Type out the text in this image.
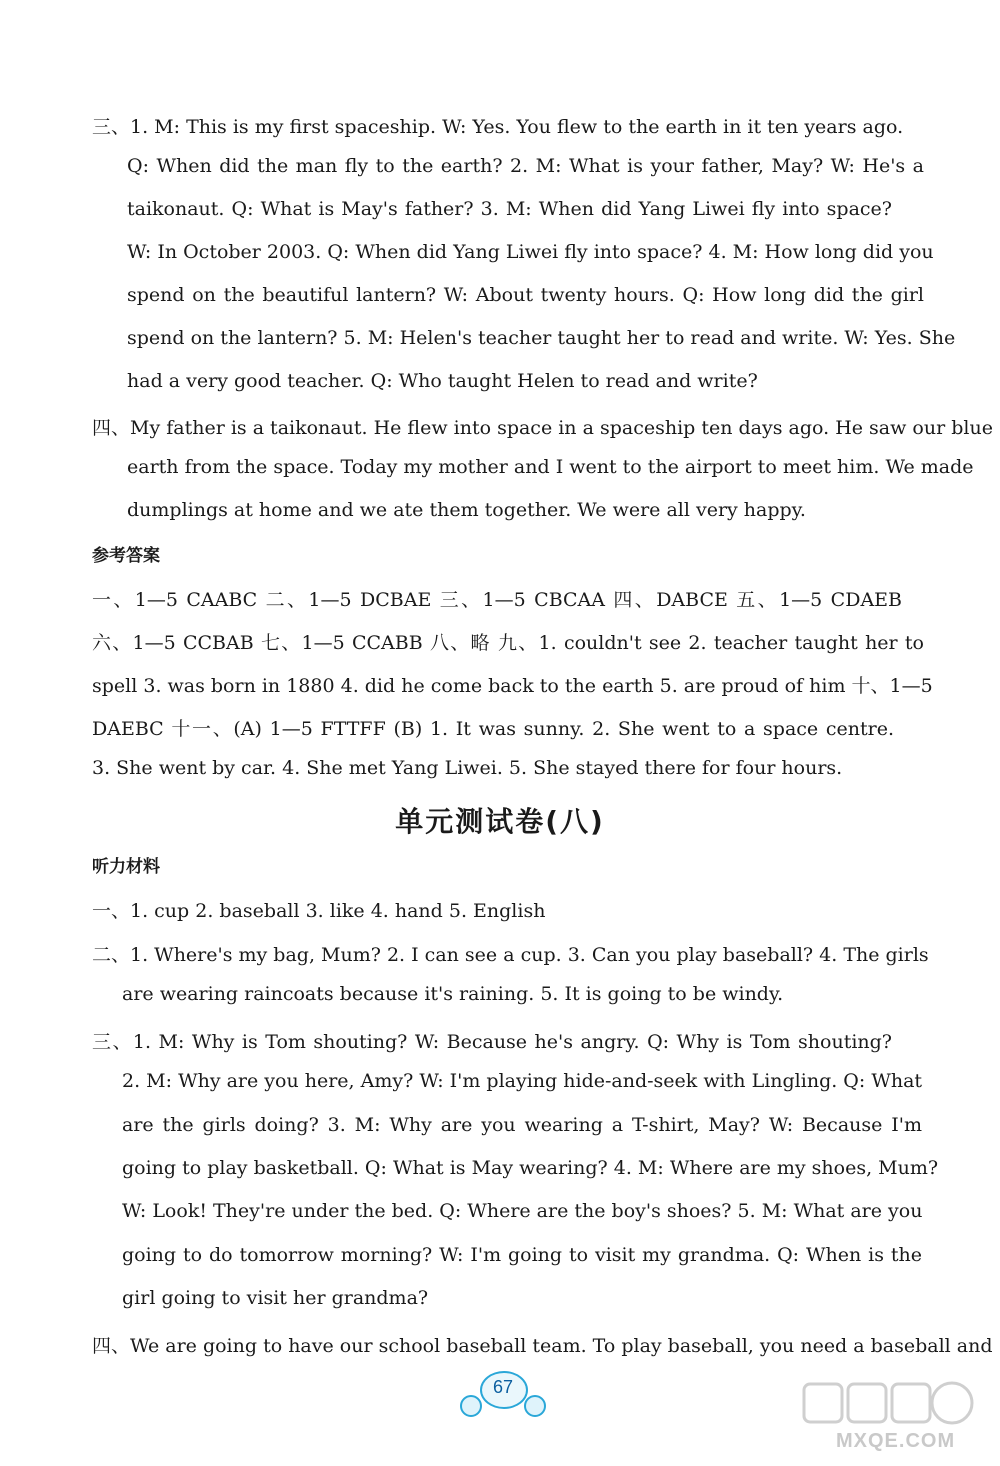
三、1. M: This is my first spaceship. W: Yes. You flew to the earth in it ten years ago.
Q: When did the man fly to the earth? 2. M: What is your father, May? W: He's a
taikonaut. Q: What is May's father? 3. M: When did Yang Liwei fly into space?
W: In October 2003. Q: When did Yang Liwei fly into space? 4. M: How long did you
spend on the beautiful lantern? W: About twenty hours. Q: How long did the girl
spend on the lantern? 5. M: Helen's teacher taught her to read and write. W: Yes. She
had a very good teacher. Q: Who taught Helen to read and write?
四、My father is a taikonaut. He flew into space in a spaceship ten days ago. He saw our blue
earth from the space. Today my mother and I went to the airport to meet him. We made
dumplings at home and we ate them together. We were all very happy.
参考答案
一、1—5 CAABC 二、1—5 DCBAE 三、1—5 CBCAA 四、DABCE 五、1—5 CDAEB
六、1—5 CCBAB 七、1—5 CCABB 八、略 九、1. couldn't see 2. teacher taught her to
spell 3. was born in 1880 4. did he come back to the earth 5. are proud of him 十、1—5
DAEBC 十一、(A) 1—5 FTTFF (B) 1. It was sunny. 2. She went to a space centre.
3. She went by car. 4. She met Yang Liwei. 5. She stayed there for four hours.
单元测试卷(八)
听力材料
一、1. cup 2. baseball 3. like 4. hand 5. English
二、1. Where's my bag, Mum? 2. I can see a cup. 3. Can you play baseball? 4. The girls
are wearing raincoats because it's raining. 5. It is going to be windy.
三、1. M: Why is Tom shouting? W: Because he's angry. Q: Why is Tom shouting?
2. M: Why are you here, Amy? W: I'm playing hide-and-seek with Lingling. Q: What
are the girls doing? 3. M: Why are you wearing a T-shirt, May? W: Because I'm
going to play basketball. Q: What is May wearing? 4. M: Where are my shoes, Mum?
W: Look! They're under the bed. Q: Where are the boy's shoes? 5. M: What are you
going to do tomorrow morning? W: I'm going to visit my grandma. Q: When is the
girl going to visit her grandma?
四、We are going to have our school baseball team. To play baseball, you need a baseball and
67
MXQE.COM
